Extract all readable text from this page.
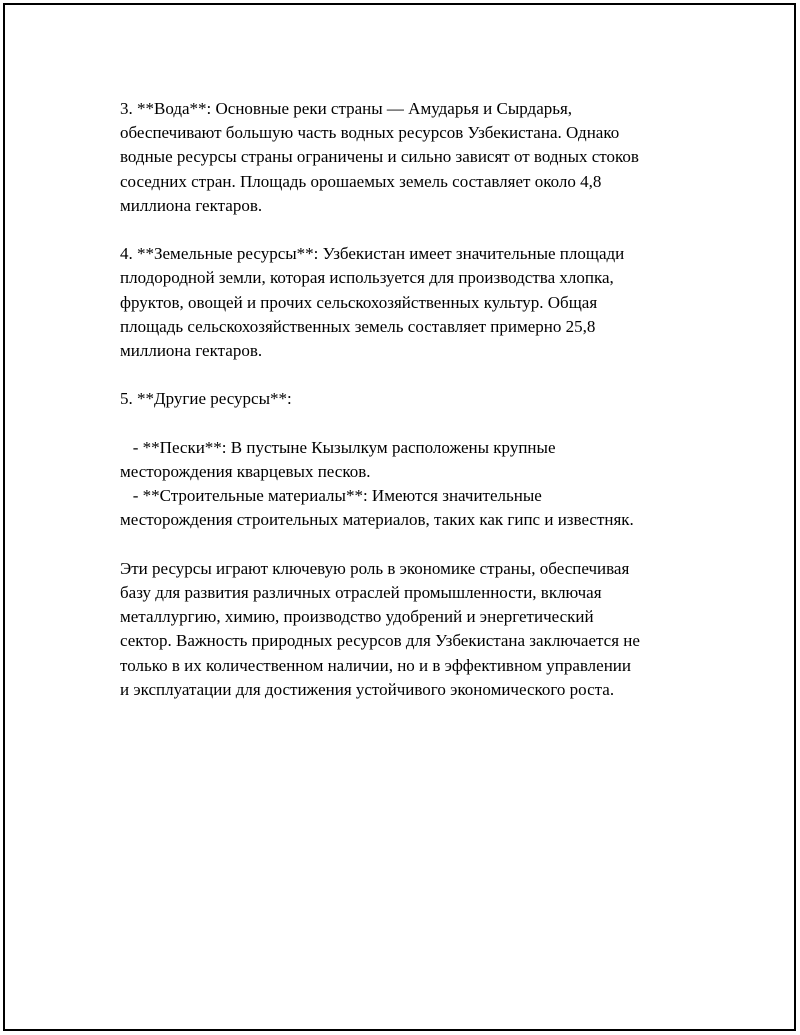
3. **Вода**: Основные реки страны — Амударья и Сырдарья,
обеспечивают большую часть водных ресурсов Узбекистана. Однако
водные ресурсы страны ограничены и сильно зависят от водных стоков
соседних стран. Площадь орошаемых земель составляет около 4,8
миллиона гектаров.

4. **Земельные ресурсы**: Узбекистан имеет значительные площади
плодородной земли, которая используется для производства хлопка,
фруктов, овощей и прочих сельскохозяйственных культур. Общая
площадь сельскохозяйственных земель составляет примерно 25,8
миллиона гектаров.

5. **Другие ресурсы**:

- **Пески**: В пустыне Кызылкум расположены крупные
месторождения кварцевых песков.
- **Строительные материалы**: Имеются значительные
месторождения строительных материалов, таких как гипс и известняк.

Эти ресурсы играют ключевую роль в экономике страны, обеспечивая
базу для развития различных отраслей промышленности, включая
металлургию, химию, производство удобрений и энергетический
сектор. Важность природных ресурсов для Узбекистана заключается не
только в их количественном наличии, но и в эффективном управлении
и эксплуатации для достижения устойчивого экономического роста.
